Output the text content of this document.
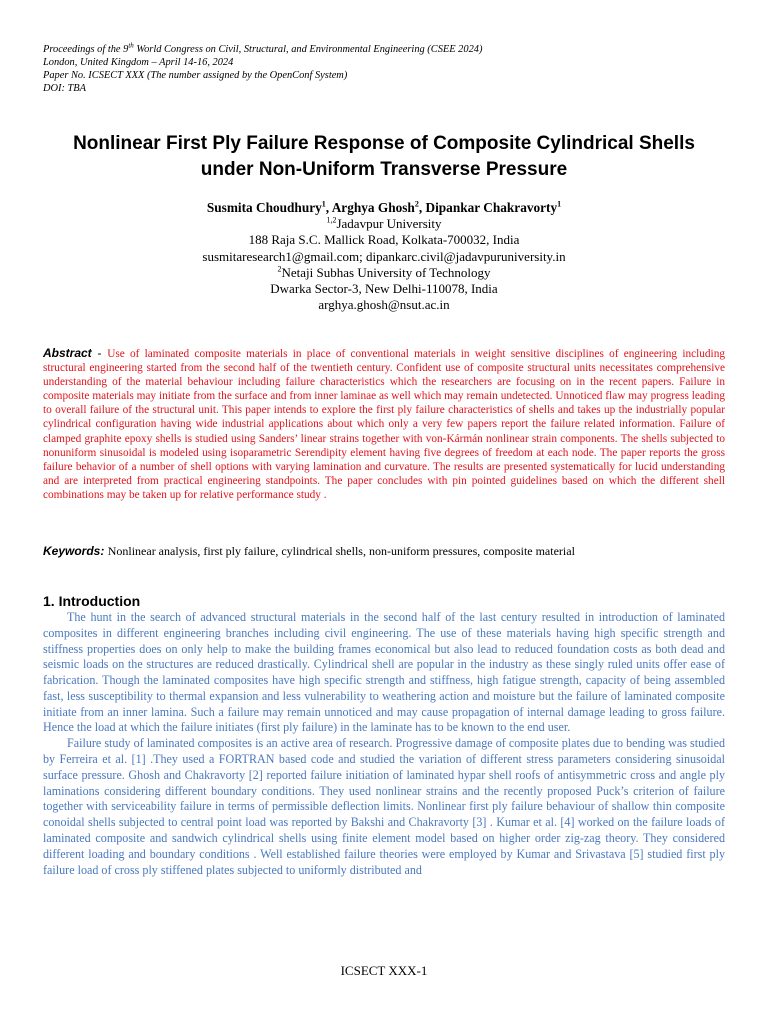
Proceedings of the 9th World Congress on Civil, Structural, and Environmental Engineering (CSEE 2024)
London, United Kingdom – April 14-16, 2024
Paper No. ICSECT XXX (The number assigned by the OpenConf System)
DOI: TBA
Nonlinear First Ply Failure Response of Composite Cylindrical Shells
under Non-Uniform Transverse Pressure
Susmita Choudhury$^1$, Arghya Ghosh$^2$, Dipankar Chakravorty$^1$
$^{1,2}$Jadavpur University
188 Raja S.C. Mallick Road, Kolkata-700032, India
susmitaresearch1@gmail.com; dipankarc.civil@jadavpuruniversity.in
$^2$Netaji Subhas University of Technology
Dwarka Sector-3, New Delhi-110078, India
arghya.ghosh@nsut.ac.in
Abstract - Use of laminated composite materials in place of conventional materials in weight sensitive disciplines of engineering including structural engineering started from the second half of the twentieth century. Confident use of composite structural units necessitates comprehensive understanding of the material behaviour including failure characteristics which the researchers are focusing on in the recent papers. Failure in composite materials may initiate from the surface and from inner laminae as well which may remain undetected. Unnoticed flaw may progress leading to overall failure of the structural unit. This paper intends to explore the first ply failure characteristics of shells and takes up the industrially popular cylindrical configuration having wide industrial applications about which only a very few papers report the failure related information. Failure of clamped graphite epoxy shells is studied using Sanders’ linear strains together with von-Kármán nonlinear strain components. The shells subjected to nonuniform sinusoidal is modeled using isoparametric Serendipity element having five degrees of freedom at each node. The paper reports the gross failure behavior of a number of shell options with varying lamination and curvature. The results are presented systematically for lucid understanding and are interpreted from practical engineering standpoints. The paper concludes with pin pointed guidelines based on which the different shell combinations may be taken up for relative performance study .
Keywords: Nonlinear analysis, first ply failure, cylindrical shells, non-uniform pressures, composite material
1. Introduction

The hunt in the search of advanced structural materials in the second half of the last century resulted in introduction of laminated composites in different engineering branches including civil engineering. The use of these materials having high specific strength and stiffness properties does on only help to make the building frames economical but also lead to reduced foundation costs as both dead and seismic loads on the structures are reduced drastically. Cylindrical shell are popular in the industry as these singly ruled units offer ease of fabrication. Though the laminated composites have high specific strength and stiffness, high fatigue strength, capacity of being assembled fast, less susceptibility to thermal expansion and less vulnerability to weathering action and moisture but the failure of laminated composite initiate from an inner lamina. Such a failure may remain unnoticed and may cause propagation of internal damage leading to gross failure. Hence the load at which the failure initiates (first ply failure) in the laminate has to be known to the end user.

Failure study of laminated composites is an active area of research. Progressive damage of composite plates due to bending was studied by Ferreira et al. [1] .They used a FORTRAN based code and studied the variation of different stress parameters considering sinusoidal surface pressure. Ghosh and Chakravorty [2] reported failure initiation of laminated hypar shell roofs of antisymmetric cross and angle ply laminations considering different boundary conditions. They used nonlinear strains and the recently proposed Puck’s criterion of failure together with serviceability failure in terms of permissible deflection limits. Nonlinear first ply failure behaviour of shallow thin composite conoidal shells subjected to central point load was reported by Bakshi and Chakravorty [3] . Kumar et al. [4] worked on the failure loads of laminated composite and sandwich cylindrical shells using finite element model based on higher order zig-zag theory. They considered different loading and boundary conditions . Well established failure theories were employed by Kumar and Srivastava [5] studied first ply failure load of cross ply stiffened plates subjected to uniformly distributed and

ICSECT XXX-1
